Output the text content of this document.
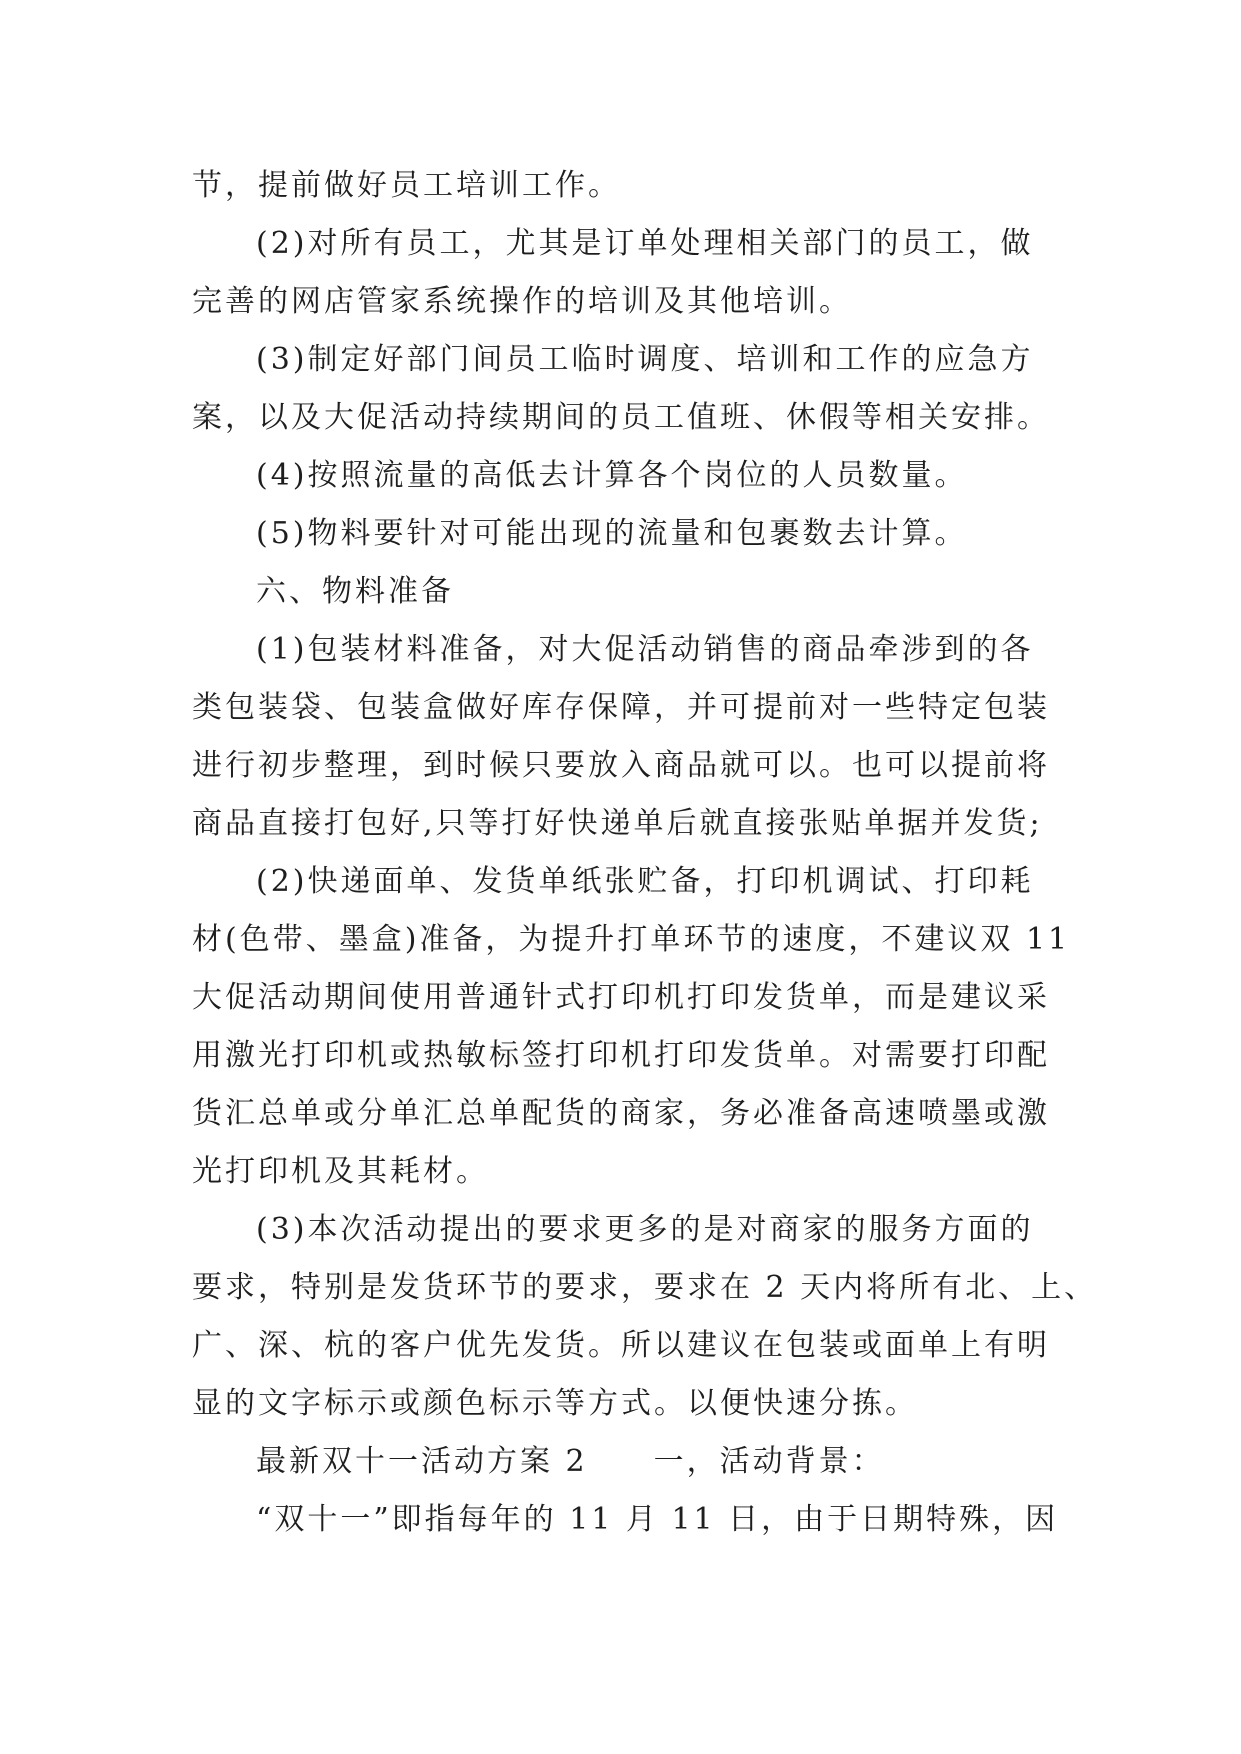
节，提前做好员工培训工作。
(2)对所有员工，尤其是订单处理相关部门的员工，做
完善的网店管家系统操作的培训及其他培训。
(3)制定好部门间员工临时调度、培训和工作的应急方
案，以及大促活动持续期间的员工值班、休假等相关安排。
(4)按照流量的高低去计算各个岗位的人员数量。
(5)物料要针对可能出现的流量和包裹数去计算。
六、物料准备
(1)包装材料准备，对大促活动销售的商品牵涉到的各
类包装袋、包装盒做好库存保障，并可提前对一些特定包装
进行初步整理，到时候只要放入商品就可以。也可以提前将
商品直接打包好,只等打好快递单后就直接张贴单据并发货;
(2)快递面单、发货单纸张贮备，打印机调试、打印耗
材(色带、墨盒)准备，为提升打单环节的速度，不建议双 11
大促活动期间使用普通针式打印机打印发货单，而是建议采
用激光打印机或热敏标签打印机打印发货单。对需要打印配
货汇总单或分单汇总单配货的商家，务必准备高速喷墨或激
光打印机及其耗材。
(3)本次活动提出的要求更多的是对商家的服务方面的
要求，特别是发货环节的要求，要求在 2 天内将所有北、上、
广、深、杭的客户优先发货。所以建议在包装或面单上有明
显的文字标示或颜色标示等方式。以便快速分拣。
最新双十一活动方案 2　　一，活动背景：
“双十一”即指每年的 11 月 11 日，由于日期特殊，因
